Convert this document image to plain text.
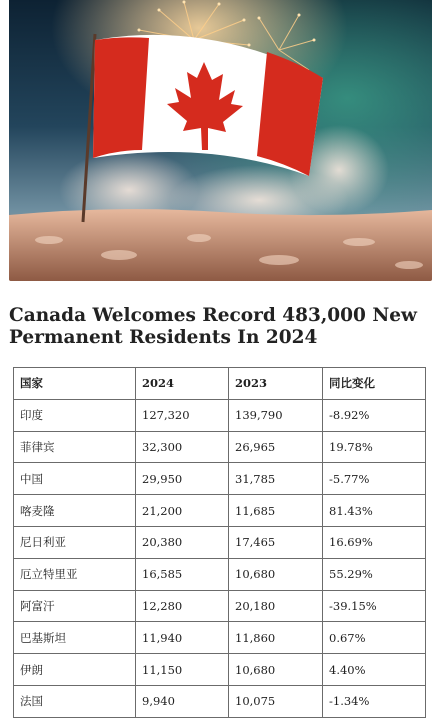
Canada Welcomes Record 483,000 New
Permanent Residents In 2024
国家	2024	2023	同比变化
印度	127,320	139,790	-8.92%
菲律宾	32,300	26,965	19.78%
中国	29,950	31,785	-5.77%
喀麦隆	21,200	11,685	81.43%
尼日利亚	20,380	17,465	16.69%
厄立特里亚	16,585	10,680	55.29%
阿富汗	12,280	20,180	-39.15%
巴基斯坦	11,940	11,860	0.67%
伊朗	11,150	10,680	4.40%
法国	9,940	10,075	-1.34%
